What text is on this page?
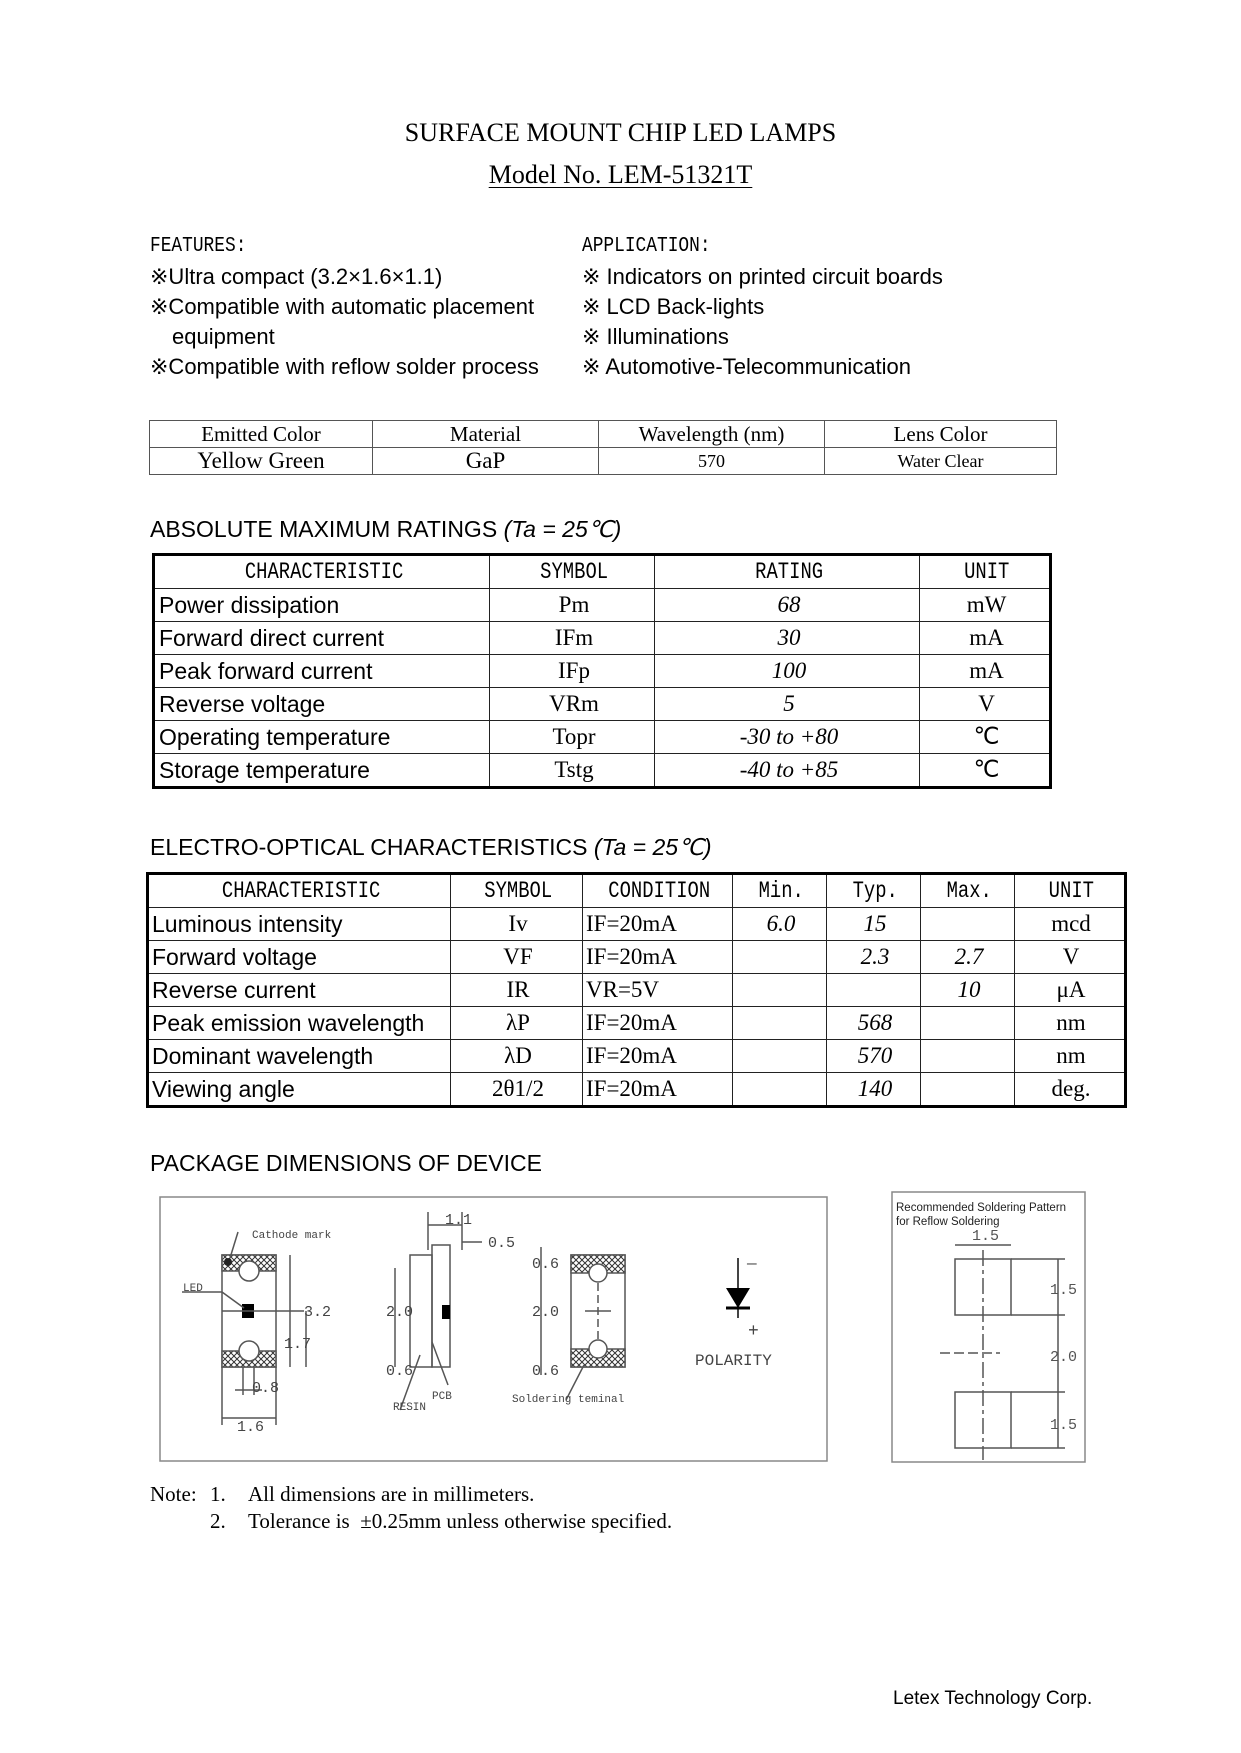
SURFACE MOUNT CHIP LED LAMPS
Model No. LEM-51321T
FEATURES:
※Ultra compact (3.2×1.6×1.1)
※Compatible with automatic placement
equipment
※Compatible with reflow solder process
APPLICATION:
※ Indicators on printed circuit boards
※ LCD Back-lights
※ Illuminations
※ Automotive-Telecommunication
Emitted Color	Material	Wavelength (nm)	Lens Color
Yellow Green	GaP	570	Water Clear
ABSOLUTE MAXIMUM RATINGS (Ta = 25℃)
CHARACTERISTIC	SYMBOL	RATING	UNIT
Power dissipation	Pm	68	mW
Forward direct current	IFm	30	mA
Peak forward current	IFp	100	mA
Reverse voltage	VRm	5	V
Operating temperature	Topr	-30 to +80	℃
Storage temperature	Tstg	-40 to +85	℃
ELECTRO-OPTICAL CHARACTERISTICS (Ta = 25℃)
CHARACTERISTIC	SYMBOL	CONDITION	Min.	Typ.	Max.	UNIT
Luminous intensity	Iv	IF=20mA	6.0	15		mcd
Forward voltage	VF	IF=20mA		2.3	2.7	V
Reverse current	IR	VR=5V			10	μA
Peak emission wavelength	λP	IF=20mA		568		nm
Dominant wavelength	λD	IF=20mA		570		nm
Viewing angle	2θ1/2	IF=20mA		140		deg.
PACKAGE DIMENSIONS OF DEVICE
Cathode mark
LED
3.2
1.7
0.8
1.6
1.1
0.5
2.0
0.6
RESIN
PCB
0.6
2.0
0.6
Soldering teminal
—
+
POLARITY
Recommended Soldering Pattern
for Reflow Soldering
1.5
1.5
2.0
1.5
Note: 1. All dimensions are in millimeters.
2. Tolerance is  ±0.25mm unless otherwise specified.
Letex Technology Corp.
